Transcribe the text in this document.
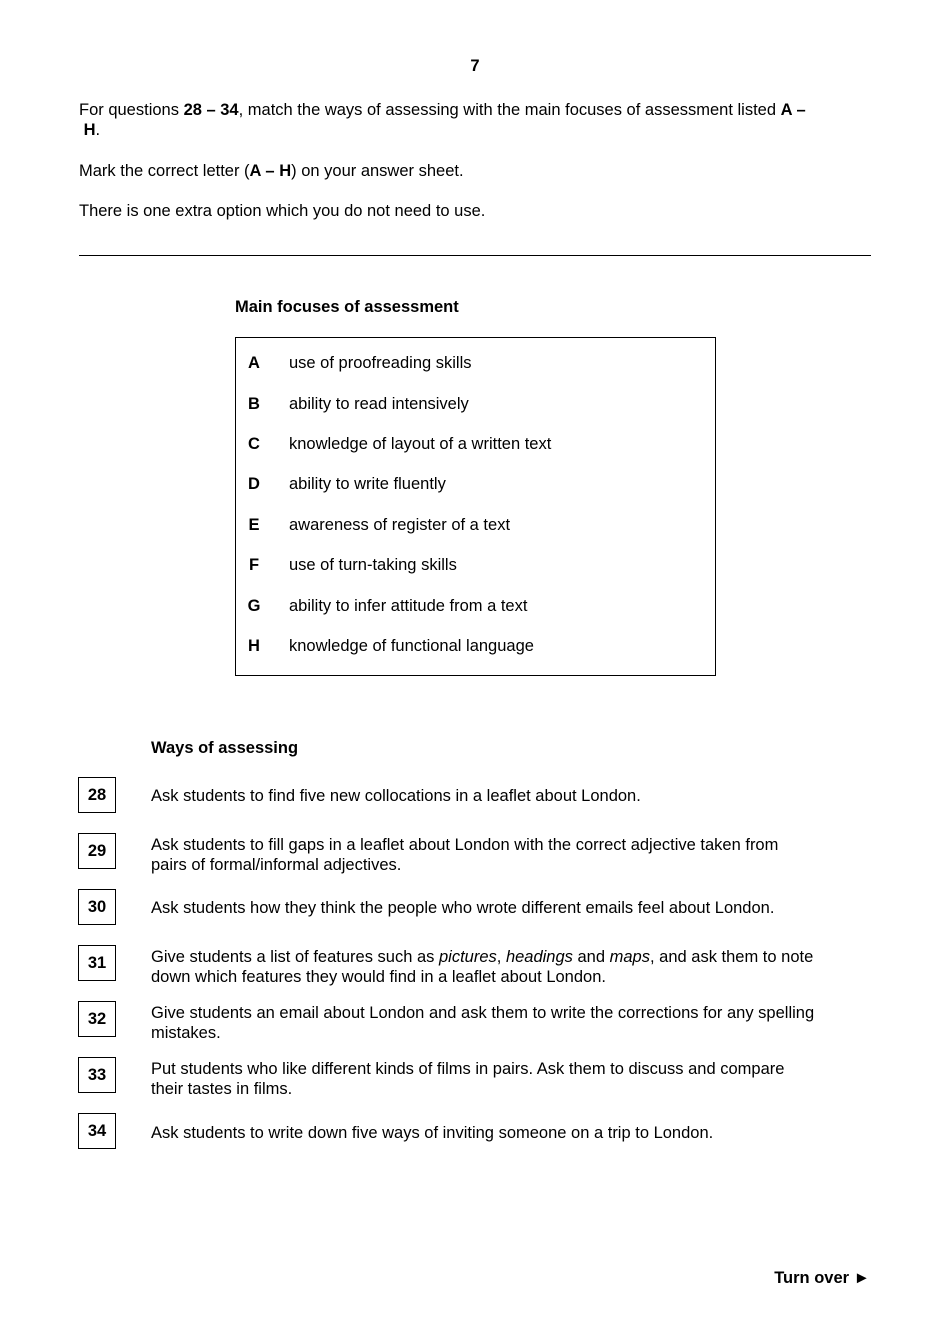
7
For questions 28 – 34, match the ways of assessing with the main focuses of assessment listed A –
H.
Mark the correct letter (A – H) on your answer sheet.
There is one extra option which you do not need to use.
Main focuses of assessment
A	use of proofreading skills
B	ability to read intensively
C	knowledge of layout of a written text
D	ability to write fluently
E	awareness of register of a text
F	use of turn-taking skills
G	ability to infer attitude from a text
H	knowledge of functional language
Ways of assessing
28	Ask students to find five new collocations in a leaflet about London.
29	Ask students to fill gaps in a leaflet about London with the correct adjective taken from
pairs of formal/informal adjectives.
30	Ask students how they think the people who wrote different emails feel about London.
31	Give students a list of features such as pictures, headings and maps, and ask them to note
down which features they would find in a leaflet about London.
32	Give students an email about London and ask them to write the corrections for any spelling
mistakes.
33	Put students who like different kinds of films in pairs. Ask them to discuss and compare
their tastes in films.
34	Ask students to write down five ways of inviting someone on a trip to London.
Turn over ►
